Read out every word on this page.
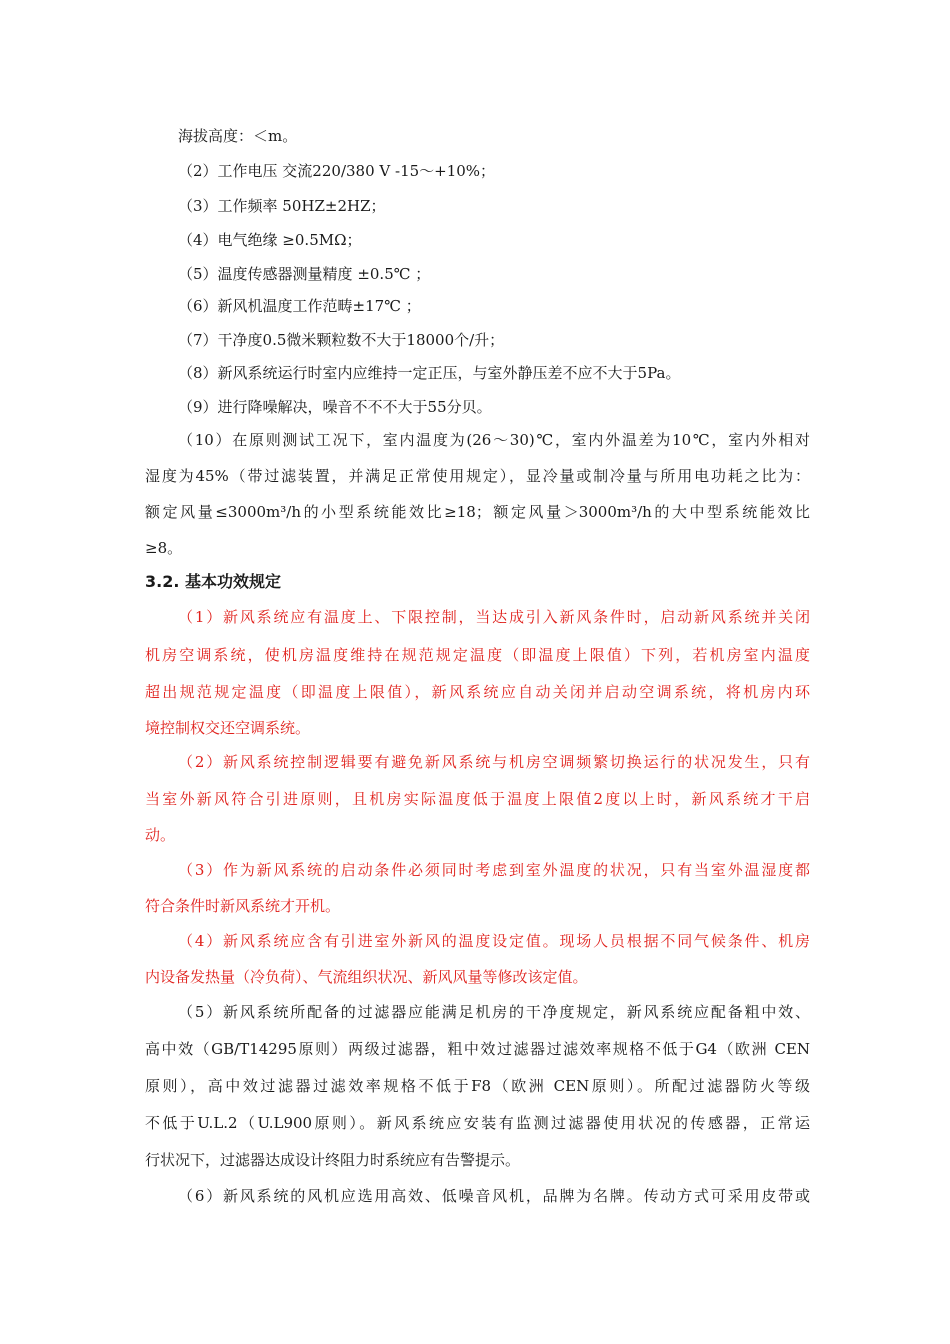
海拔高度：＜m。
（2）工作电压 交流220/380 V -15～+10%；
（3）工作频率 50HZ±2HZ；
（4）电气绝缘 ≥0.5MΩ；
（5）温度传感器测量精度 ±0.5℃ ；
（6）新风机温度工作范畴±17℃ ；
（7）干净度0.5微米颗粒数不大于18000个/升；
（8）新风系统运行时室内应维持一定正压，与室外静压差不应不大于5Pa。
（9）进行降噪解决，噪音不不不大于55分贝。
（10）在原则测试工况下，室内温度为(26～30)℃，室内外温差为10℃，室内外相对
湿度为45%（带过滤装置，并满足正常使用规定），显冷量或制冷量与所用电功耗之比为：
额定风量≤3000m³/h的小型系统能效比≥18；额定风量＞3000m³/h的大中型系统能效比
≥8。
3.2. 基本功效规定
（1）新风系统应有温度上、下限控制，当达成引入新风条件时，启动新风系统并关闭
机房空调系统，使机房温度维持在规范规定温度（即温度上限值）下列，若机房室内温度
超出规范规定温度（即温度上限值），新风系统应自动关闭并启动空调系统，将机房内环
境控制权交还空调系统。
（2）新风系统控制逻辑要有避免新风系统与机房空调频繁切换运行的状况发生，只有
当室外新风符合引进原则，且机房实际温度低于温度上限值2度以上时，新风系统才干启
动。
（3）作为新风系统的启动条件必须同时考虑到室外温度的状况，只有当室外温湿度都
符合条件时新风系统才开机。
（4）新风系统应含有引进室外新风的温度设定值。现场人员根据不同气候条件、机房
内设备发热量（冷负荷）、气流组织状况、新风风量等修改该定值。
（5）新风系统所配备的过滤器应能满足机房的干净度规定，新风系统应配备粗中效、
高中效（GB/T14295原则）两级过滤器，粗中效过滤器过滤效率规格不低于G4（欧洲 CEN
原则），高中效过滤器过滤效率规格不低于F8（欧洲 CEN原则）。所配过滤器防火等级
不低于U.L.2（U.L900原则）。新风系统应安装有监测过滤器使用状况的传感器，正常运
行状况下，过滤器达成设计终阻力时系统应有告警提示。
（6）新风系统的风机应选用高效、低噪音风机，品牌为名牌。传动方式可采用皮带或
